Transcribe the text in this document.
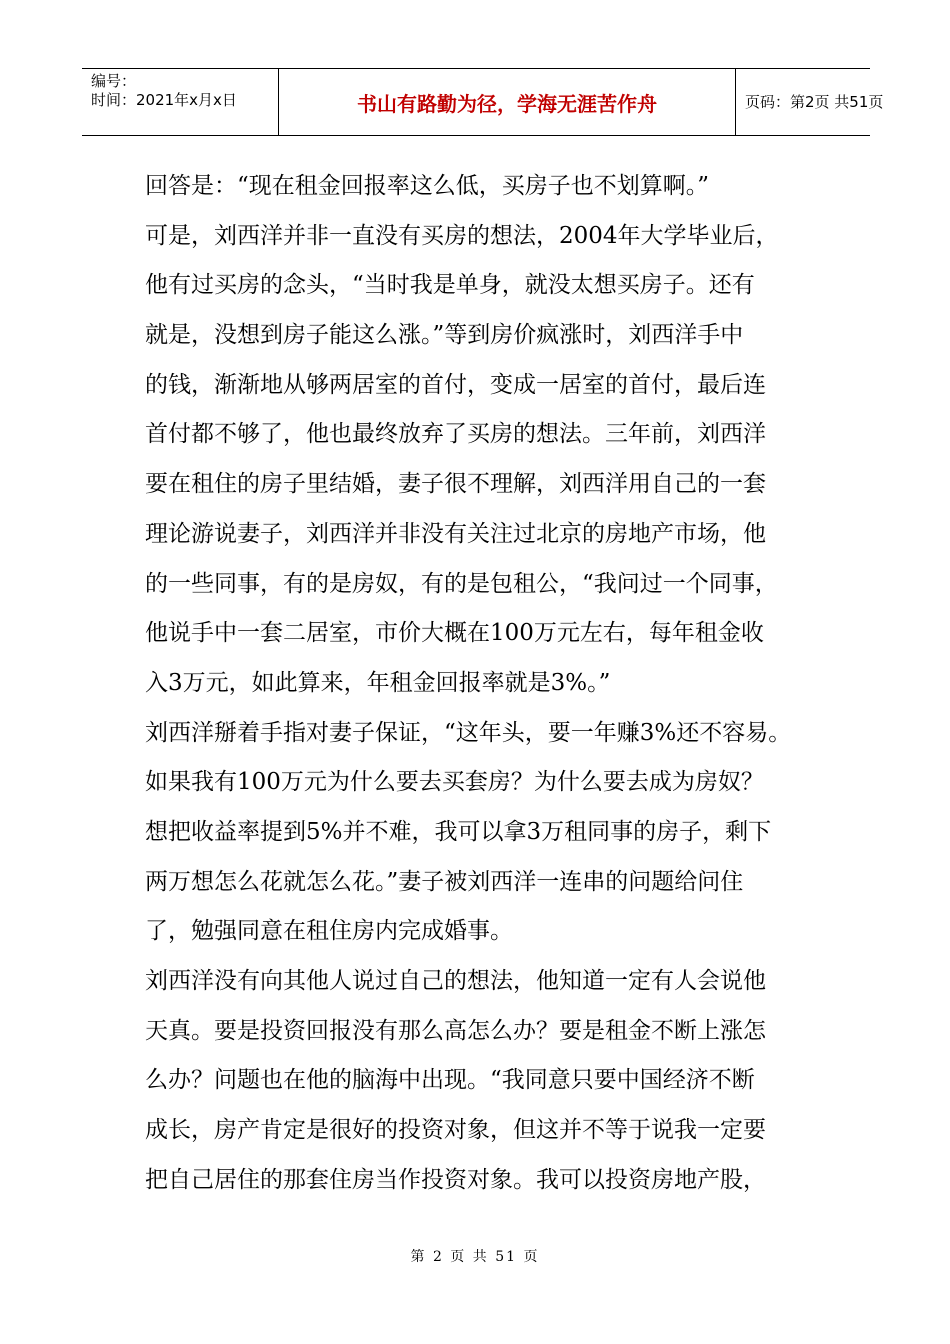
编号：
时间：2021年x月x日	书山有路勤为径，学海无涯苦作舟	页码：第2页 共51页
回答是：“现在租金回报率这么低，买房子也不划算啊。”
可是，刘西洋并非一直没有买房的想法，2004年大学毕业后，
他有过买房的念头，“当时我是单身，就没太想买房子。还有
就是，没想到房子能这么涨。”等到房价疯涨时，刘西洋手中
的钱，渐渐地从够两居室的首付，变成一居室的首付，最后连
首付都不够了，他也最终放弃了买房的想法。三年前，刘西洋
要在租住的房子里结婚，妻子很不理解，刘西洋用自己的一套
理论游说妻子，刘西洋并非没有关注过北京的房地产市场，他
的一些同事，有的是房奴，有的是包租公，“我问过一个同事，
他说手中一套二居室，市价大概在100万元左右，每年租金收
入3万元，如此算来，年租金回报率就是3%。”
刘西洋掰着手指对妻子保证，“这年头，要一年赚3%还不容易。
如果我有100万元为什么要去买套房？为什么要去成为房奴？
想把收益率提到5%并不难，我可以拿3万租同事的房子，剩下
两万想怎么花就怎么花。”妻子被刘西洋一连串的问题给问住
了，勉强同意在租住房内完成婚事。
刘西洋没有向其他人说过自己的想法，他知道一定有人会说他
天真。要是投资回报没有那么高怎么办？要是租金不断上涨怎
么办？问题也在他的脑海中出现。“我同意只要中国经济不断
成长，房产肯定是很好的投资对象，但这并不等于说我一定要
把自己居住的那套住房当作投资对象。我可以投资房地产股，
第 2 页 共 51 页
